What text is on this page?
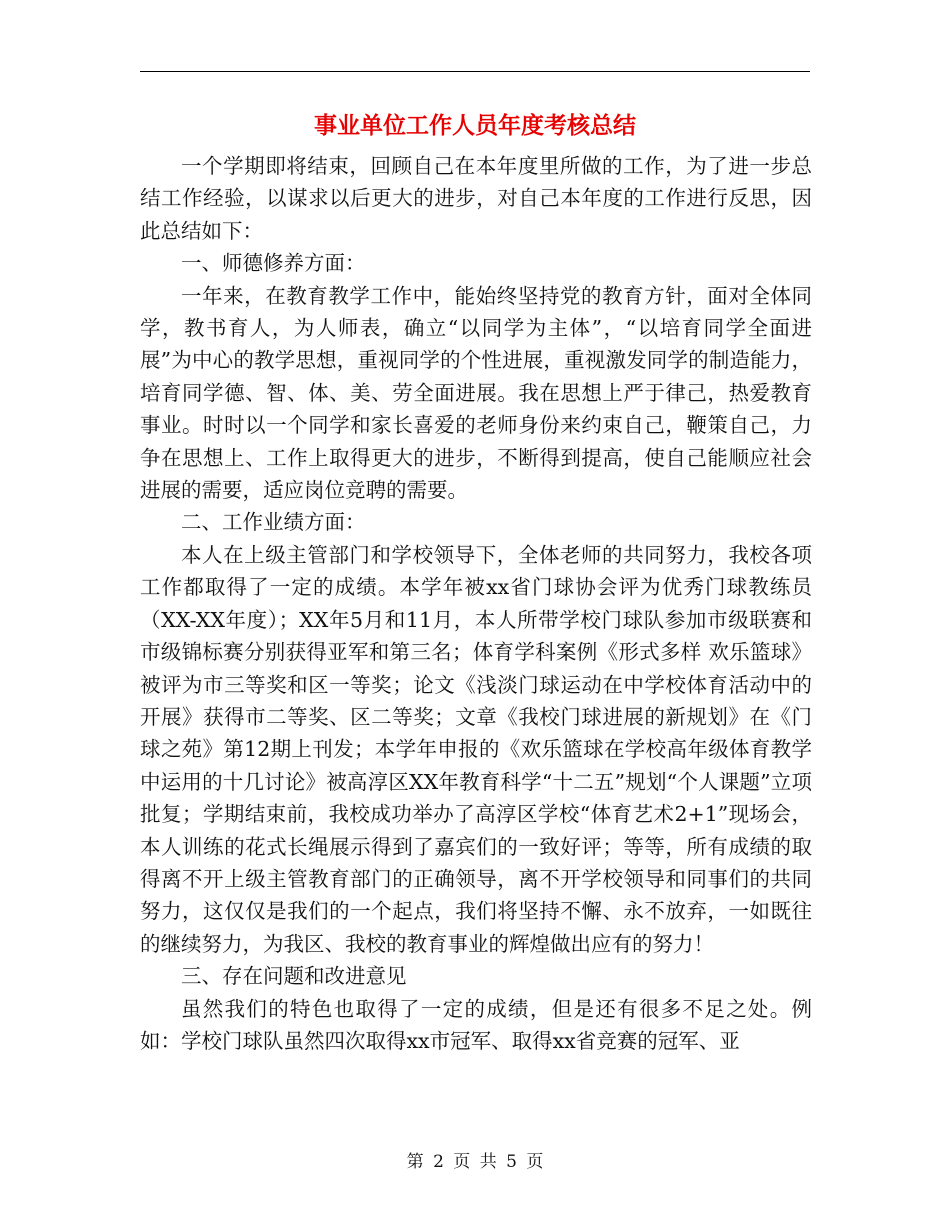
事业单位工作人员年度考核总结

一个学期即将结束，回顾自己在本年度里所做的工作，为了进一步总结工作经验，以谋求以后更大的进步，对自己本年度的工作进行反思，因此总结如下：

一、师德修养方面：

一年来，在教育教学工作中，能始终坚持党的教育方针，面对全体同学，教书育人，为人师表，确立“以同学为主体”，“以培育同学全面进展”为中心的教学思想，重视同学的个性进展，重视激发同学的制造能力，培育同学德、智、体、美、劳全面进展。我在思想上严于律己，热爱教育事业。时时以一个同学和家长喜爱的老师身份来约束自己，鞭策自己，力争在思想上、工作上取得更大的进步，不断得到提高，使自己能顺应社会进展的需要，适应岗位竞聘的需要。

二、工作业绩方面：

本人在上级主管部门和学校领导下，全体老师的共同努力，我校各项工作都取得了一定的成绩。本学年被xx省门球协会评为优秀门球教练员（XX-XX年度）；XX年5月和11月，本人所带学校门球队参加市级联赛和市级锦标赛分别获得亚军和第三名；体育学科案例《形式多样 欢乐篮球》被评为市三等奖和区一等奖；论文《浅淡门球运动在中学校体育活动中的开展》获得市二等奖、区二等奖；文章《我校门球进展的新规划》在《门球之苑》第12期上刊发；本学年申报的《欢乐篮球在学校高年级体育教学中运用的十几讨论》被高淳区XX年教育科学“十二五”规划“个人课题”立项批复；学期结束前，我校成功举办了高淳区学校“体育艺术2+1”现场会，本人训练的花式长绳展示得到了嘉宾们的一致好评；等等，所有成绩的取得离不开上级主管教育部门的正确领导，离不开学校领导和同事们的共同努力，这仅仅是我们的一个起点，我们将坚持不懈、永不放弃，一如既往的继续努力，为我区、我校的教育事业的辉煌做出应有的努力！

三、存在问题和改进意见

虽然我们的特色也取得了一定的成绩，但是还有很多不足之处。例如：学校门球队虽然四次取得xx市冠军、取得xx省竞赛的冠军、亚

第 2 页 共 5 页
